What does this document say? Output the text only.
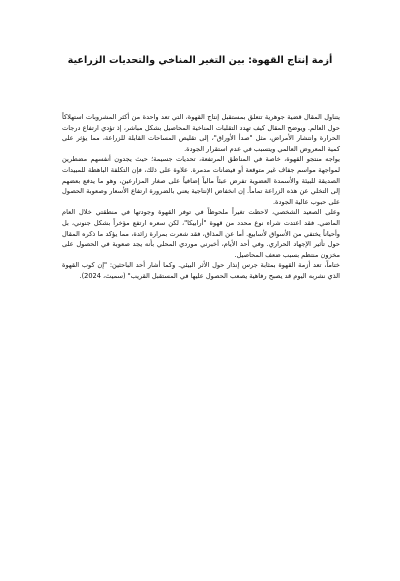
أزمة إنتاج القهوة: بين التغير المناخي والتحديات الزراعية

يتناول المقال قضية جوهرية تتعلق بمستقبل إنتاج القهوة، التي تعد واحدة من أكثر المشروبات استهلاكاً حول العالم. ويوضح المقال كيف تهدد التقلبات المناخية المحاصيل بشكل مباشر، إذ تؤدي ارتفاع درجات الحرارة وانتشار الأمراض، مثل "صدأ الأوراق"، إلى تقليص المساحات القابلة للزراعة، مما يؤثر على كمية المعروض العالمي ويتسبب في عدم استقرار الجودة.

يواجه منتجو القهوة، خاصة في المناطق المرتفعة، تحديات جسيمة؛ حيث يجدون أنفسهم مضطرين لمواجهة مواسم جفاف غير متوقعة أو فيضانات مدمرة. علاوة على ذلك، فإن التكلفة الباهظة للمبيدات الصديقة للبيئة والأسمدة العضوية تفرض عبئاً مالياً إضافياً على صغار المزارعين، وهو ما يدفع بعضهم إلى التخلي عن هذه الزراعة تماماً. إن انخفاض الإنتاجية يعني بالضرورة ارتفاع الأسعار وصعوبة الحصول على حبوب عالية الجودة.

وعلى الصعيد الشخصي، لاحظت تغيراً ملحوظاً في توفر القهوة وجودتها في منطقتي خلال العام الماضي. فقد اعتدت شراء نوع محدد من قهوة "أرابيكا"، لكن سعره ارتفع مؤخراً بشكل جنوني، بل وأحياناً يختفي من الأسواق لأسابيع. أما عن المذاق، فقد شعرت بمرارة زائدة، مما يؤكد ما ذكره المقال حول تأثير الإجهاد الحراري. وفي أحد الأيام، أخبرني موردي المحلي بأنه يجد صعوبة في الحصول على مخزون منتظم بسبب ضعف المحاصيل.

ختاماً، تعد أزمة القهوة بمثابة جرس إنذار حول الأثر البيئي. وكما أشار أحد الباحثين: "إن كوب القهوة الذي نشربه اليوم قد يصبح رفاهية يصعب الحصول عليها في المستقبل القريب" (سميث، 2024).
